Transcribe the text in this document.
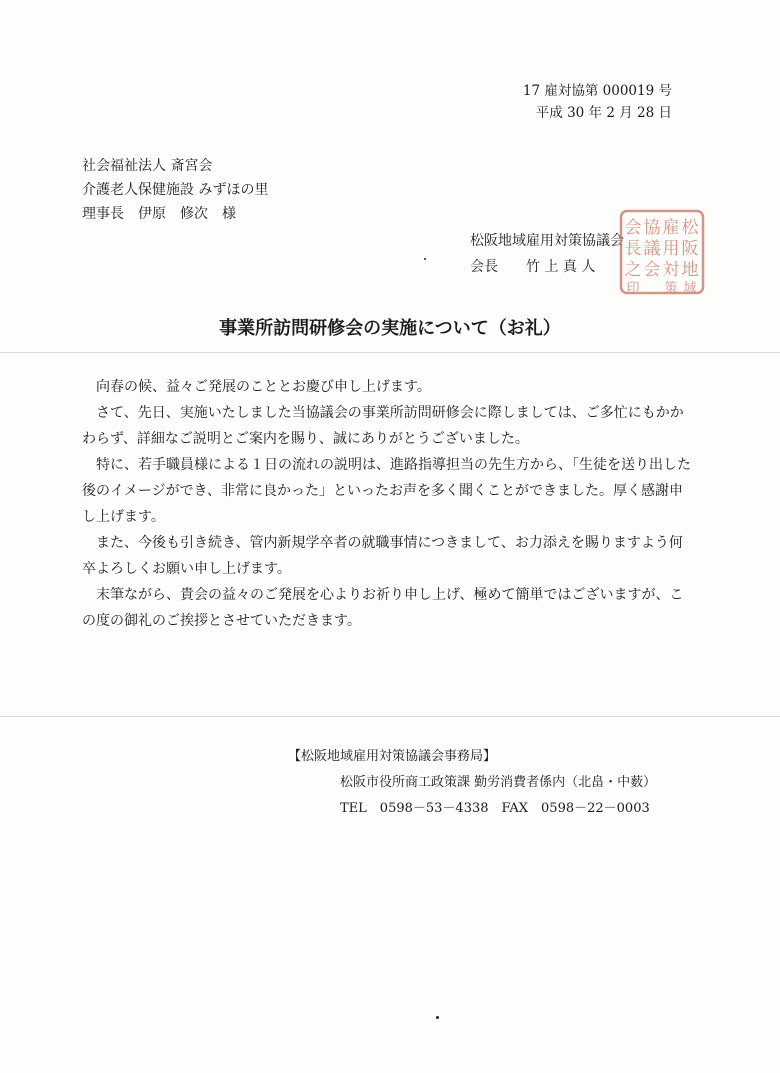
17 雇対協第 000019 号
平成 30 年 2 月 28 日
社会福祉法人 斎宮会
介護老人保健施設 みずほの里
理事長　伊原　修次　様
松阪地域雇用対策協議会
会長　　竹 上 真 人
松
阪
地
域
雇
用
対
策
協
議
会
会
長
之
印
事業所訪問研修会の実施について（お礼）

向春の候、益々ご発展のこととお慶び申し上げます。

さて、先日、実施いたしました当協議会の事業所訪問研修会に際しましては、ご多忙にもかかわらず、詳細なご説明とご案内を賜り、誠にありがとうございました。

特に、若手職員様による１日の流れの説明は、進路指導担当の先生方から、「生徒を送り出した後のイメージができ、非常に良かった」といったお声を多く聞くことができました。厚く感謝申し上げます。

また、今後も引き続き、管内新規学卒者の就職事情につきまして、お力添えを賜りますよう何卒よろしくお願い申し上げます。

末筆ながら、貴会の益々のご発展を心よりお祈り申し上げ、極めて簡単ではございますが、この度の御礼のご挨拶とさせていただきます。

【松阪地域雇用対策協議会事務局】
松阪市役所商工政策課 勤労消費者係内（北畠・中薮）
TEL　0598－53－4338　FAX　0598－22－0003
